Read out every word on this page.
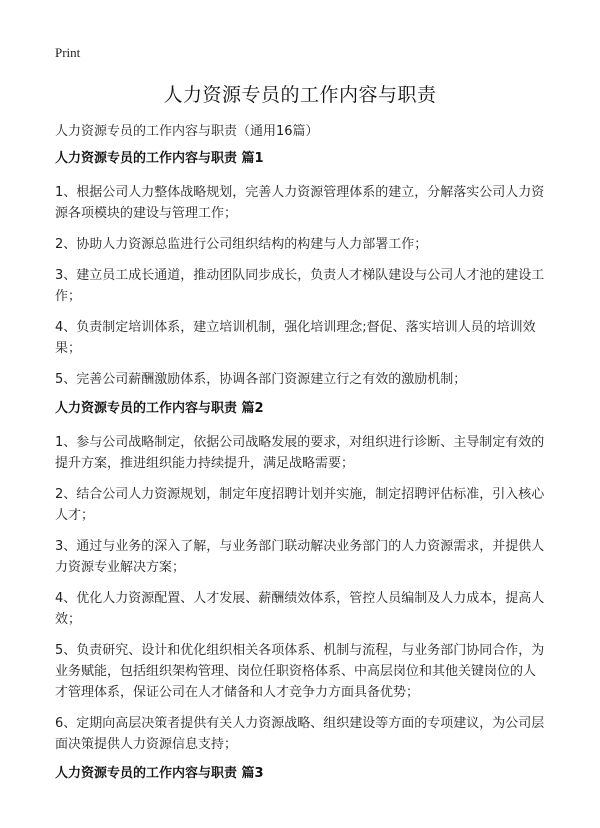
Print
人力资源专员的工作内容与职责
人力资源专员的工作内容与职责（通用16篇）
人力资源专员的工作内容与职责 篇1

1、根据公司人力整体战略规划，完善人力资源管理体系的建立，分解落实公司人力资源各项模块的建设与管理工作；

2、协助人力资源总监进行公司组织结构的构建与人力部署工作；

3、建立员工成长通道，推动团队同步成长，负责人才梯队建设与公司人才池的建设工作；

4、负责制定培训体系，建立培训机制，强化培训理念;督促、落实培训人员的培训效果；

5、完善公司薪酬激励体系，协调各部门资源建立行之有效的激励机制；

人力资源专员的工作内容与职责 篇2

1、参与公司战略制定，依据公司战略发展的要求，对组织进行诊断、主导制定有效的提升方案，推进组织能力持续提升，满足战略需要；

2、结合公司人力资源规划，制定年度招聘计划并实施，制定招聘评估标准，引入核心人才；

3、通过与业务的深入了解，与业务部门联动解决业务部门的人力资源需求，并提供人力资源专业解决方案；

4、优化人力资源配置、人才发展、薪酬绩效体系，管控人员编制及人力成本，提高人效；

5、负责研究、设计和优化组织相关各项体系、机制与流程，与业务部门协同合作，为业务赋能，包括组织架构管理、岗位任职资格体系、中高层岗位和其他关键岗位的人才管理体系，保证公司在人才储备和人才竞争力方面具备优势；

6、定期向高层决策者提供有关人力资源战略、组织建设等方面的专项建议，为公司层面决策提供人力资源信息支持；

人力资源专员的工作内容与职责 篇3
